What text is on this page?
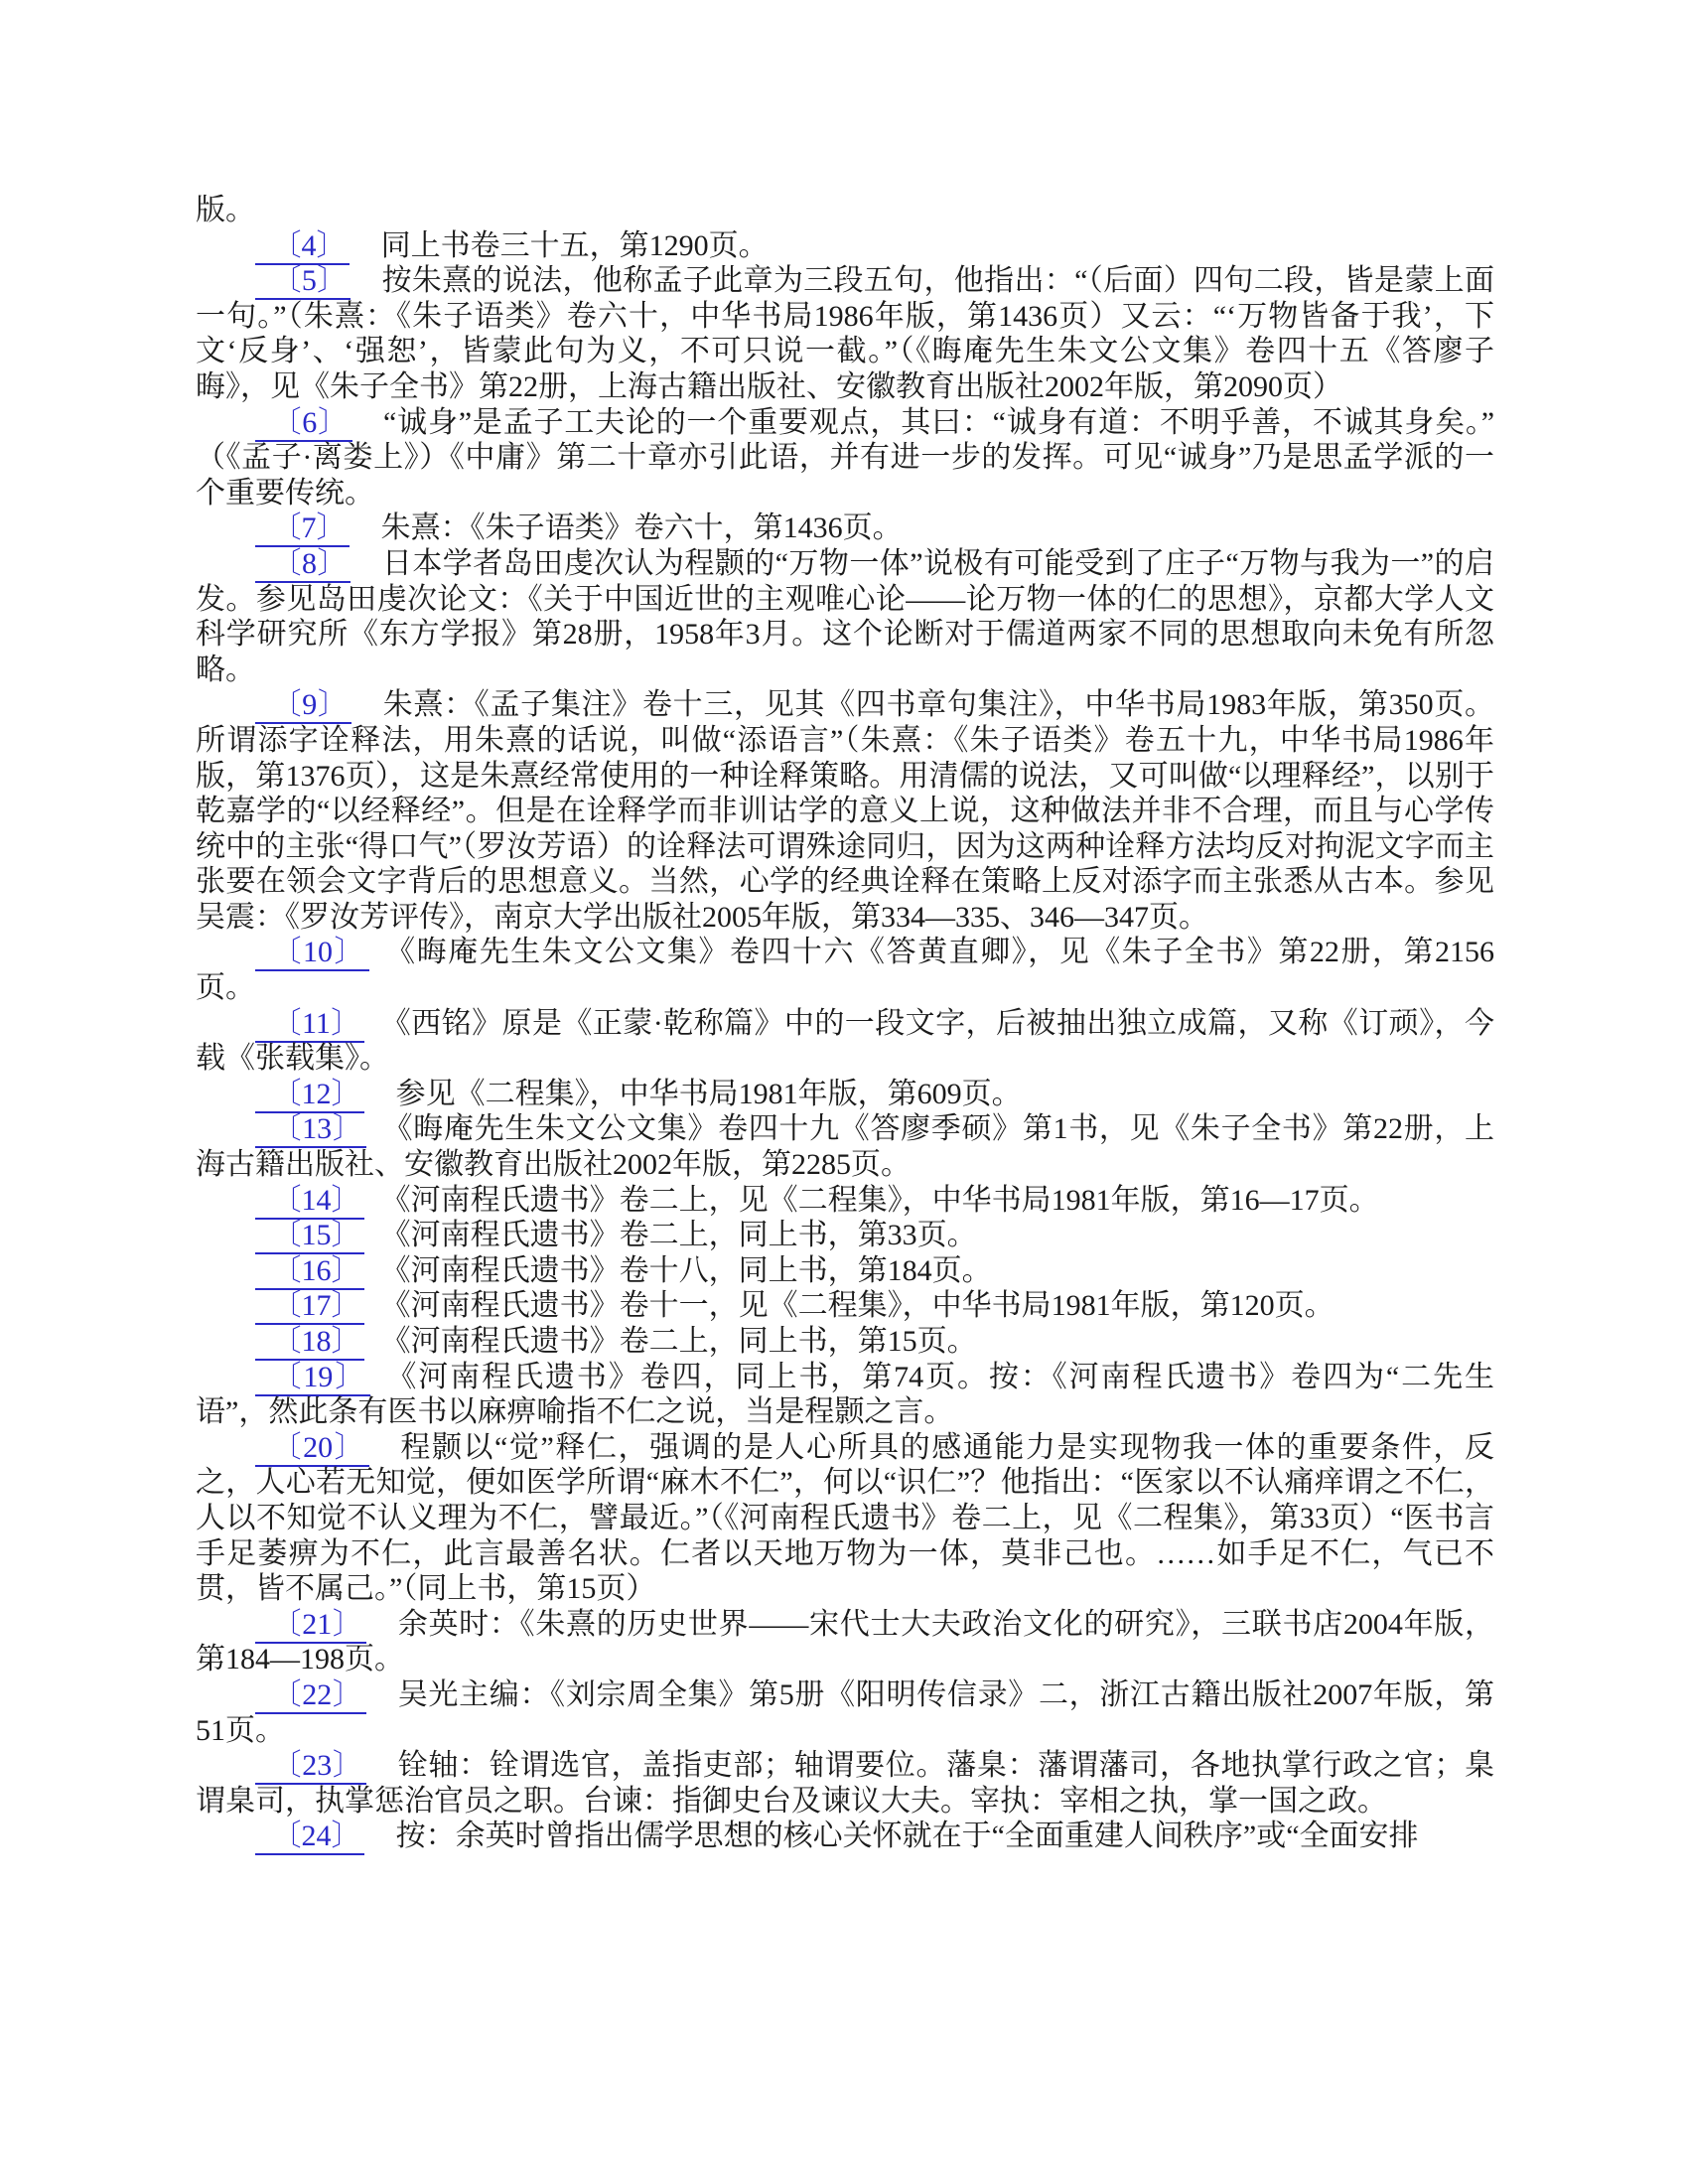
版。

〔4〕 同上书卷三十五，第1290页。

〔5〕 按朱熹的说法，他称孟子此章为三段五句，他指出：“（后面）四句二段，皆是蒙上面一句。”（朱熹：《朱子语类》卷六十，中华书局1986年版，第1436页）又云：“‘万物皆备于我’，下文‘反身’、‘强恕’，皆蒙此句为义，不可只说一截。”（《晦庵先生朱文公文集》卷四十五《答廖子晦》，见《朱子全书》第22册，上海古籍出版社、安徽教育出版社2002年版，第2090页）

〔6〕 “诚身”是孟子工夫论的一个重要观点，其曰：“诚身有道：不明乎善，不诚其身矣。”（《孟子·离娄上》）《中庸》第二十章亦引此语，并有进一步的发挥。可见“诚身”乃是思孟学派的一个重要传统。

〔7〕 朱熹：《朱子语类》卷六十，第1436页。

〔8〕 日本学者岛田虔次认为程颢的“万物一体”说极有可能受到了庄子“万物与我为一”的启发。参见岛田虔次论文：《关于中国近世的主观唯心论——论万物一体的仁的思想》，京都大学人文科学研究所《东方学报》第28册，1958年3月。这个论断对于儒道两家不同的思想取向未免有所忽略。

〔9〕 朱熹：《孟子集注》卷十三，见其《四书章句集注》，中华书局1983年版，第350页。所谓添字诠释法，用朱熹的话说，叫做“添语言”（朱熹：《朱子语类》卷五十九，中华书局1986年版，第1376页），这是朱熹经常使用的一种诠释策略。用清儒的说法，又可叫做“以理释经”，以别于乾嘉学的“以经释经”。但是在诠释学而非训诂学的意义上说，这种做法并非不合理，而且与心学传统中的主张“得口气”（罗汝芳语）的诠释法可谓殊途同归，因为这两种诠释方法均反对拘泥文字而主张要在领会文字背后的思想意义。当然，心学的经典诠释在策略上反对添字而主张悉从古本。参见吴震：《罗汝芳评传》，南京大学出版社2005年版，第334—335、346—347页。

〔10〕 《晦庵先生朱文公文集》卷四十六《答黄直卿》，见《朱子全书》第22册，第2156页。

〔11〕 《西铭》原是《正蒙·乾称篇》中的一段文字，后被抽出独立成篇，又称《订顽》，今载《张载集》。

〔12〕 参见《二程集》，中华书局1981年版，第609页。

〔13〕 《晦庵先生朱文公文集》卷四十九《答廖季硕》第1书，见《朱子全书》第22册，上海古籍出版社、安徽教育出版社2002年版，第2285页。

〔14〕 《河南程氏遗书》卷二上，见《二程集》，中华书局1981年版，第16—17页。

〔15〕 《河南程氏遗书》卷二上，同上书，第33页。

〔16〕 《河南程氏遗书》卷十八，同上书，第184页。

〔17〕 《河南程氏遗书》卷十一，见《二程集》，中华书局1981年版，第120页。

〔18〕 《河南程氏遗书》卷二上，同上书，第15页。

〔19〕 《河南程氏遗书》卷四，同上书，第74页。按：《河南程氏遗书》卷四为“二先生语”，然此条有医书以麻痹喻指不仁之说，当是程颢之言。

〔20〕 程颢以“觉”释仁，强调的是人心所具的感通能力是实现物我一体的重要条件，反之，人心若无知觉，便如医学所谓“麻木不仁”，何以“识仁”？他指出：“医家以不认痛痒谓之不仁，人以不知觉不认义理为不仁，譬最近。”（《河南程氏遗书》卷二上，见《二程集》，第33页）“医书言手足萎痹为不仁，此言最善名状。仁者以天地万物为一体，莫非己也。……如手足不仁，气已不贯，皆不属己。”（同上书，第15页）

〔21〕 余英时：《朱熹的历史世界——宋代士大夫政治文化的研究》，三联书店2004年版，第184—198页。

〔22〕 吴光主编：《刘宗周全集》第5册《阳明传信录》二，浙江古籍出版社2007年版，第51页。

〔23〕 铨轴：铨谓选官，盖指吏部；轴谓要位。藩臬：藩谓藩司，各地执掌行政之官；臬谓臬司，执掌惩治官员之职。台谏：指御史台及谏议大夫。宰执：宰相之执，掌一国之政。

〔24〕 按：余英时曾指出儒学思想的核心关怀就在于“全面重建人间秩序”或“全面安排
